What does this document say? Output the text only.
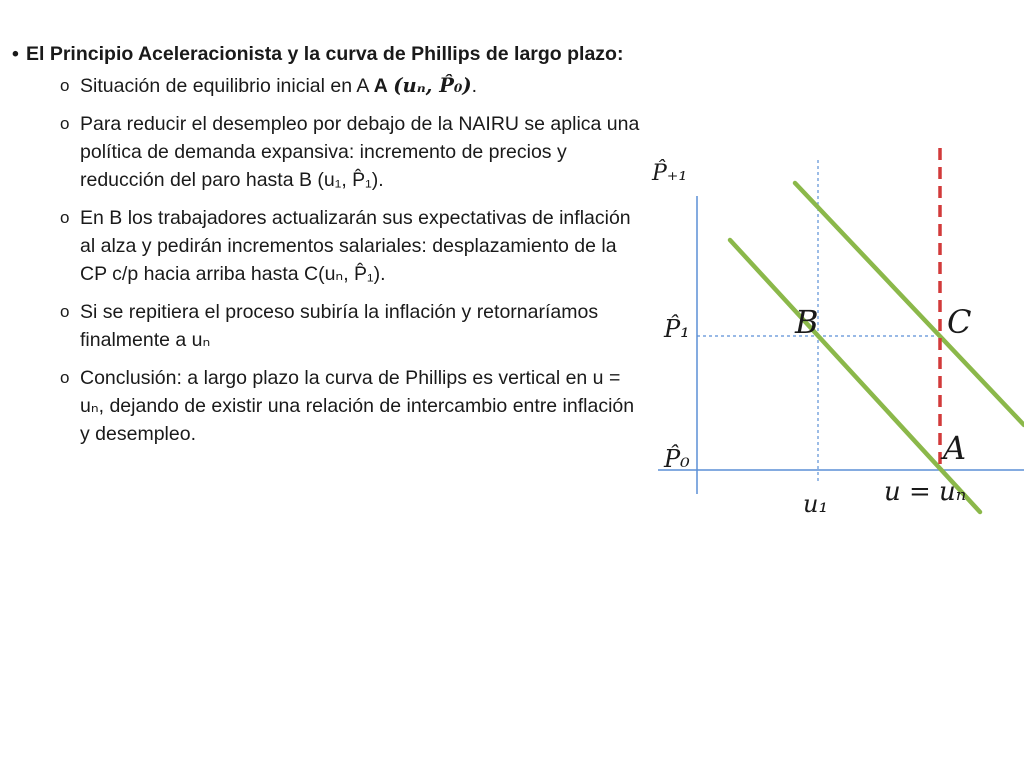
• El Principio Aceleracionista y la curva de Phillips de largo plazo:
o Situación de equilibrio inicial en A A (uₙ, P̂₀).
o Para reducir el desempleo por debajo de la NAIRU se aplica una política de demanda expansiva: incremento de precios y reducción del paro hasta B (u₁, P̂₁).
o En B los trabajadores actualizarán sus expectativas de inflación al alza y pedirán incrementos salariales: desplazamiento de la CP c/p hacia arriba hasta C(uₙ, P̂₁).
o Si se repitiera el proceso subiría la inflación y retornaríamos finalmente a uₙ
o Conclusión: a largo plazo la curva de Phillips es vertical en u = uₙ, dejando de existir una relación de intercambio entre inflación y desempleo.
P̂₊₁
P̂₁
P̂₀
u₁ u = uₙ
A
B	C
